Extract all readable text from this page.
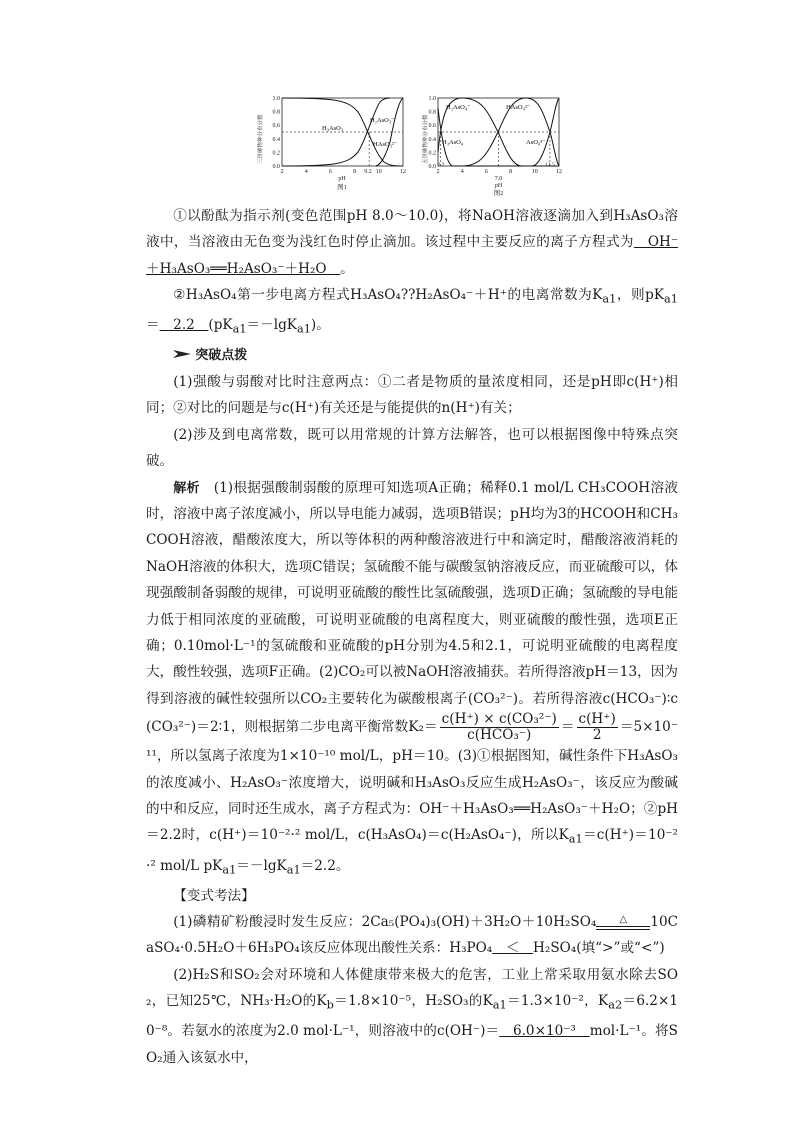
三价砷物种分布分数
0.0
0.2
0.4
0.6
0.8
1.0
H₃AsO₃
H₂AsO₃⁻
HAsO₃²⁻
2	4	6	8	10	12
9.2
pH
图1
五价砷物种分布分数
0.0
0.2
0.4
0.6
0.8
1.0
H₂AsO₄⁻	HAsO₄²⁻
H₃AsO₄	AsO₄³⁻
2	4	6	8	10	12
2.2
7.0
11.5
pH
图2

①以酚酞为指示剂(变色范围pH 8.0～10.0)，将NaOH溶液逐滴加入到H₃AsO₃溶液中，当溶液由无色变为浅红色时停止滴加。该过程中主要反应的离子方程式为　OH⁻＋H₃AsO₃══H₂AsO₃⁻＋H₂O　。

②H₃AsO₄第一步电离方程式H₃AsO₄??H₂AsO₄⁻＋H⁺的电离常数为$K_{a1}$，则$pK_{a1}=$　2.2　$(pK_{a1}=-\lg K_{a1})$。

突破点拨

(1)强酸与弱酸对比时注意两点：①二者是物质的量浓度相同，还是pH即c(H⁺)相同；②对比的问题是与c(H⁺)有关还是与能提供的n(H⁺)有关；

(2)涉及到电离常数，既可以用常规的计算方法解答，也可以根据图像中特殊点突破。

解析　(1)根据强酸制弱酸的原理可知选项A正确；稀释0.1 mol/L CH₃COOH溶液时，溶液中离子浓度减小，所以导电能力减弱，选项B错误；pH均为3的HCOOH和CH₃COOH溶液，醋酸浓度大，所以等体积的两种酸溶液进行中和滴定时，醋酸溶液消耗的NaOH溶液的体积大，选项C错误；氢硫酸不能与碳酸氢钠溶液反应，而亚硫酸可以，体现强酸制备弱酸的规律，可说明亚硫酸的酸性比氢硫酸强，选项D正确；氢硫酸的导电能力低于相同浓度的亚硫酸，可说明亚硫酸的电离程度大，则亚硫酸的酸性强，选项E正确；0.10mol·L⁻¹的氢硫酸和亚硫酸的pH分别为4.5和2.1，可说明亚硫酸的电离程度大，酸性较强，选项F正确。(2)CO₂可以被NaOH溶液捕获。若所得溶液pH＝13，因为得到溶液的碱性较强所以CO₂主要转化为碳酸根离子(CO₃²⁻)。若所得溶液c(HCO₃⁻)∶c(CO₃²⁻)＝2∶1，则根据第二步电离平衡常数$K_2= \frac{\text{c(H⁺) × c(CO₃²⁻)}}{\text{c(HCO₃⁻)}} = \frac{c(H^+)}{2} =5\times 10^{-11}$，所以氢离子浓度为1×10⁻¹⁰ mol/L，pH＝10。(3)①根据图知，碱性条件下H₃AsO₃的浓度减小、H₂AsO₃⁻浓度增大，说明碱和H₃AsO₃反应生成H₂AsO₃⁻，该反应为酸碱的中和反应，同时还生成水，离子方程式为：OH⁻＋H₃AsO₃══H₂AsO₃⁻＋H₂O；②pH＝2.2时，c(H⁺)＝10⁻²·² mol/L，c(H₃AsO₄)＝c(H₂AsO₄⁻)，所以$K_{a1}=c(H^+)=10^{-2}\cdot^2$ mol/L $pK_{a1}=-\lg K_{a1}=2.2$。

【变式考法】

(1)磷精矿粉酸浸时发生反应：2Ca₅(PO₄)₃(OH)＋3H₂O＋10H₂SO₄ △ 10CaSO₄·0.5H₂O＋6H₃PO₄该反应体现出酸性关系：H₃PO₄　＜　H₂SO₄(填“>”或“<”)

(2)H₂S和SO₂会对环境和人体健康带来极大的危害，工业上常采取用氨水除去SO₂，已知25℃，NH₃·H₂O的$K_b=1.8\times 10^{-5}$，H₂SO₃的$K_{a1}=1.3\times 10^{-2}$，$K_{a2}=6.2\times 10^{-8}$。若氨水的浓度为2.0 mol·L⁻¹，则溶液中的c(OH⁻)＝　6.0×10⁻³　mol·L⁻¹。将SO₂通入该氨水中，
